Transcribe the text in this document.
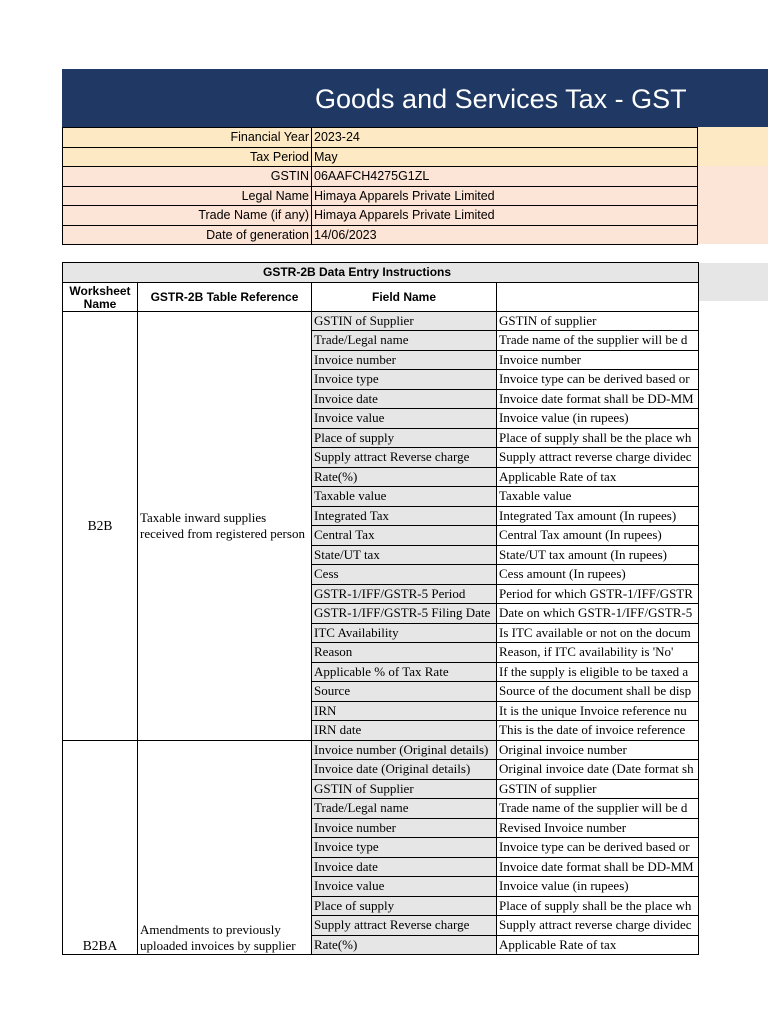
Goods and Services Tax - GST
Financial Year	2023-24
Tax Period	May
GSTIN	06AAFCH4275G1ZL
Legal Name	Himaya Apparels Private Limited
Trade Name (if any)	Himaya Apparels Private Limited
Date of generation	14/06/2023
GSTR-2B Data Entry Instructions			
Worksheet Name	GSTR-2B Table Reference	Field Name	
B2B	Taxable inward supplies received from registered person	GSTIN of Supplier	GSTIN of supplier
		Trade/Legal name	Trade name of the supplier will be d
		Invoice number	Invoice number
		Invoice type	Invoice type can be derived based or
		Invoice date	Invoice date format shall be DD-MM
		Invoice value	Invoice value (in rupees)
		Place of supply	Place of supply shall be the place wh
		Supply attract Reverse charge	Supply attract reverse charge dividec
		Rate(%)	Applicable Rate of tax
		Taxable value	Taxable value
		Integrated Tax	Integrated Tax amount (In rupees)
		Central Tax	Central Tax amount (In rupees)
		State/UT tax	State/UT tax amount (In rupees)
		Cess	Cess amount (In rupees)
		GSTR-1/IFF/GSTR-5 Period	Period for which GSTR-1/IFF/GSTR
		GSTR-1/IFF/GSTR-5 Filing Date	Date on which GSTR-1/IFF/GSTR-5
		ITC Availability	Is ITC available or not on the docum
		Reason	Reason, if ITC availability is 'No'
		Applicable % of Tax Rate	If the supply is eligible to be taxed a
		Source	Source of the document shall be disp
		IRN	It is the unique Invoice reference nu
		IRN date	This is the date of invoice reference
B2BA	Amendments to previously uploaded invoices by supplier	Invoice number (Original details)	Original invoice number
		Invoice date (Original details)	Original invoice date (Date format sh
		GSTIN of Supplier	GSTIN of supplier
		Trade/Legal name	Trade name of the supplier will be d
		Invoice number	Revised Invoice number
		Invoice type	Invoice type can be derived based or
		Invoice date	Invoice date format shall be DD-MM
		Invoice value	Invoice value (in rupees)
		Place of supply	Place of supply shall be the place wh
		Supply attract Reverse charge	Supply attract reverse charge dividec
		Rate(%)	Applicable Rate of tax
